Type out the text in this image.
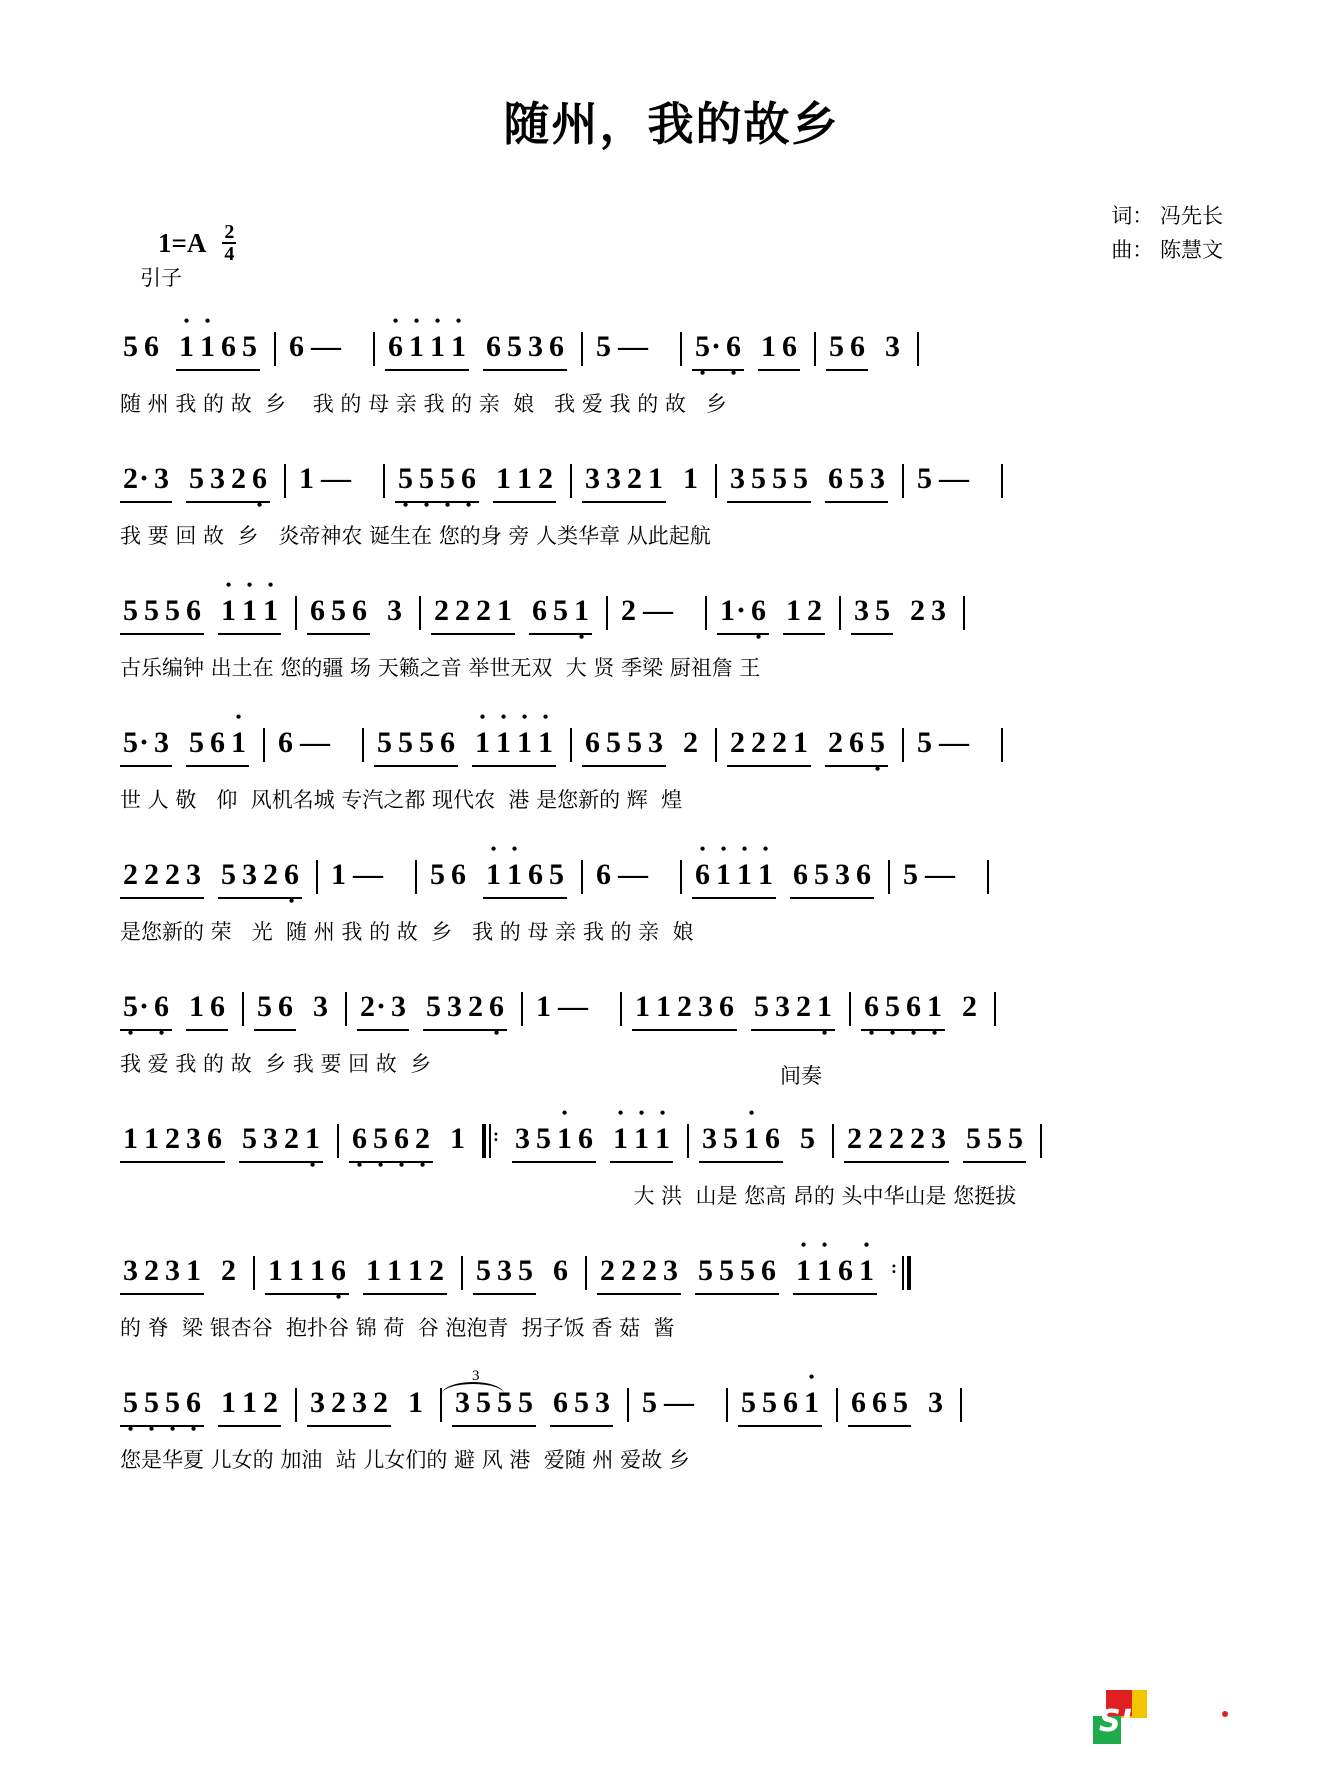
随州，我的故乡
$1=A \frac{2}{4}$
词： 冯先长
曲： 陈慧文
引子
间奏
5 6 • 1 • 1 6 5 6 —	• 6 • 1 • 1 • 1 6 5 3 6 5 —	5 •· 6 • 1 6 5 6 3
随 州 我 的 故  乡    我 的 母 亲 我 的 亲  娘   我 爱 我 的 故   乡
2· 3 5 3 2 6 • 1 —	5 • 5 • 5 • 6 • 1 1 2 3 3 2 1 1 3 5 5 5 6 5 3 5 —
我 要 回 故  乡   炎帝神农 诞生在 您的身 旁 人类华章 从此起航
5 5 5 6 • 1 • 1 • 1 6 5 6 3 2 2 2 1 6 5 1 • 2 —	1· 6 • 1 2 3 5 2 3
古乐编钟 出土在 您的疆 场 天籁之音 举世无双  大 贤 季梁 厨祖詹 王
5· 3 5 6 • 1 6 —	5 5 5 6 • 1 • 1 • 1 • 1 6 5 5 3 2 2 2 2 1 2 6 5 • 5 —
世 人 敬   仰  风机名城 专汽之都 现代农  港 是您新的 辉  煌
2 2 2 3 5 3 2 6 • 1 —	5 6 • 1 • 1 6 5 6 —	• 6 • 1 • 1 • 1 6 5 3 6 5 —
是您新的 荣   光  随 州 我 的 故  乡   我 的 母 亲 我 的 亲  娘
5 •· 6 • 1 6 5 6 3 2· 3 5 3 2 6 • 1 —	1 1 2 3 6 5 3 2 1 • 6 • 5 • 6 • 1 • 2
我 爱 我 的 故  乡 我 要 回 故  乡
1 1 2 3 6 5 3 2 1 • 6 • 5 • 6 • 2 • 1 : 3 5 • 1 6 • 1 • 1 • 1 3 5 • 1 6 5 2 2 2 2 3 5 5 5
大 洪  山是 您高 昂的 头中华山是 您挺拔
3 2 3 1 2 1 1 1 6 • 1 1 1 2 5 3 5 6 2 2 2 3 5 5 5 6 • 1 • 1 6 • 1 :
的 脊  梁 银杏谷  抱扑谷 锦 荷  谷 泡泡青  拐子饭 香 菇  酱
3
5 • 5 • 5 • 6 • 1 1 2 3 2 3 2 1 3 5 5 5 6 5 3 5 —	5 5 6 • 1 6 6 5 3
您是华夏 儿女的 加油  站 儿女们的 避 风 港  爱随 州 爱故 乡
SL
